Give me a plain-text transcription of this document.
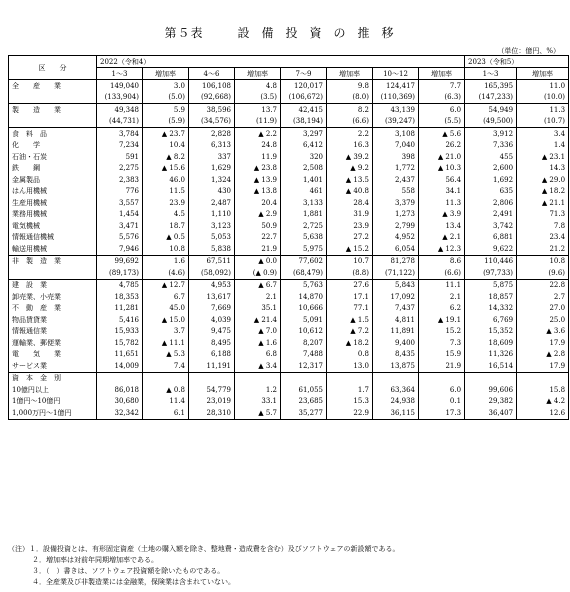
第５表	設備投資の推移
（単位：億円、%）
区　　分	2022（令和4）								2023（令和5）	
	1～3	増加率	4～6	増加率	7～9	増加率	10～12	増加率	1～3	増加率
全　　産　　業	149,040	3.0	106,108	4.8	120,017	9.8	124,417	7.7	165,395	11.0
	(133,904)	(5.0)	(92,668)	(3.5)	(106,672)	(8.0)	(110,369)	(6.3)	(147,233)	(10.0)
製　　造　　業	49,348	5.9	38,596	13.7	42,415	8.2	43,139	6.0	54,949	11.3
	(44,731)	(5.9)	(34,576)	(11.9)	(38,194)	(6.6)	(39,247)	(5.5)	(49,500)	(10.7)
食　料　品	3,784	▲ 23.7	2,828	▲ 2.2	3,297	2.2	3,108	▲ 5.6	3,912	3.4
化　　学	7,234	10.4	6,313	24.8	6,412	16.3	7,040	26.2	7,336	1.4
石油・石炭	591	▲ 8.2	337	11.9	320	▲ 39.2	398	▲ 21.0	455	▲ 23.1
鉄　　鋼	2,275	▲ 15.6	1,629	▲ 23.8	2,508	▲ 9.2	1,772	▲ 10.3	2,600	14.3
金属製品	2,383	46.0	1,324	▲ 13.9	1,401	▲ 13.5	2,437	56.4	1,692	▲ 29.0
はん用機械	776	11.5	430	▲ 13.8	461	▲ 40.8	558	34.1	635	▲ 18.2
生産用機械	3,557	23.9	2,487	20.4	3,133	28.4	3,379	11.3	2,806	▲ 21.1
業務用機械	1,454	4.5	1,110	▲ 2.9	1,881	31.9	1,273	▲ 3.9	2,491	71.3
電気機械	3,471	18.7	3,123	50.9	2,725	23.9	2,799	13.4	3,742	7.8
情報通信機械	5,576	▲ 0.5	5,053	22.7	5,638	27.2	4,952	▲ 2.1	6,881	23.4
輸送用機械	7,946	10.8	5,838	21.9	5,975	▲ 15.2	6,054	▲ 12.3	9,622	21.2
非　製　造　業	99,692	1.6	67,511	▲ 0.0	77,602	10.7	81,278	8.6	110,446	10.8
	(89,173)	(4.6)	(58,092)	(▲ 0.9)	(68,479)	(8.8)	(71,122)	(6.6)	(97,733)	(9.6)
建　設　業	4,785	▲ 12.7	4,953	▲ 6.7	5,763	27.6	5,843	11.1	5,875	22.8
卸売業、小売業	18,353	6.7	13,617	2.1	14,870	17.1	17,092	2.1	18,857	2.7
不　動　産　業	11,281	45.0	7,669	35.1	10,666	77.1	7,437	6.2	14,332	27.0
物品賃貸業	5,416	▲ 15.0	4,039	▲ 21.4	5,091	▲ 1.5	4,811	▲ 19.1	6,769	25.0
情報通信業	15,933	3.7	9,475	▲ 7.0	10,612	▲ 7.2	11,891	15.2	15,352	▲ 3.6
運輸業、郵便業	15,782	▲ 11.1	8,495	▲ 1.6	8,207	▲ 18.2	9,400	7.3	18,609	17.9
電　　気　　業	11,651	▲ 5.3	6,188	6.8	7,488	0.8	8,435	15.9	11,326	▲ 2.8
サービス業	14,009	7.4	11,191	▲ 3.4	12,317	13.0	13,875	21.9	16,514	17.9
資　本　金　別										
10億円以上	86,018	▲ 0.8	54,779	1.2	61,055	1.7	63,364	6.0	99,606	15.8
1億円～10億円	30,680	11.4	23,019	33.1	23,685	15.3	24,938	0.1	29,382	▲ 4.2
1,000万円～1億円	32,342	6.1	28,310	▲ 5.7	35,277	22.9	36,115	17.3	36,407	12.6
（注）１．設備投資とは、有形固定資産（土地の購入額を除き、整地費・造成費を含む）及びソフトウェアの新設額である。
２．増加率は対前年同期増加率である。
３．（　）書きは、ソフトウェア投資額を除いたものである。
４．全産業及び非製造業には金融業，保険業は含まれていない。
